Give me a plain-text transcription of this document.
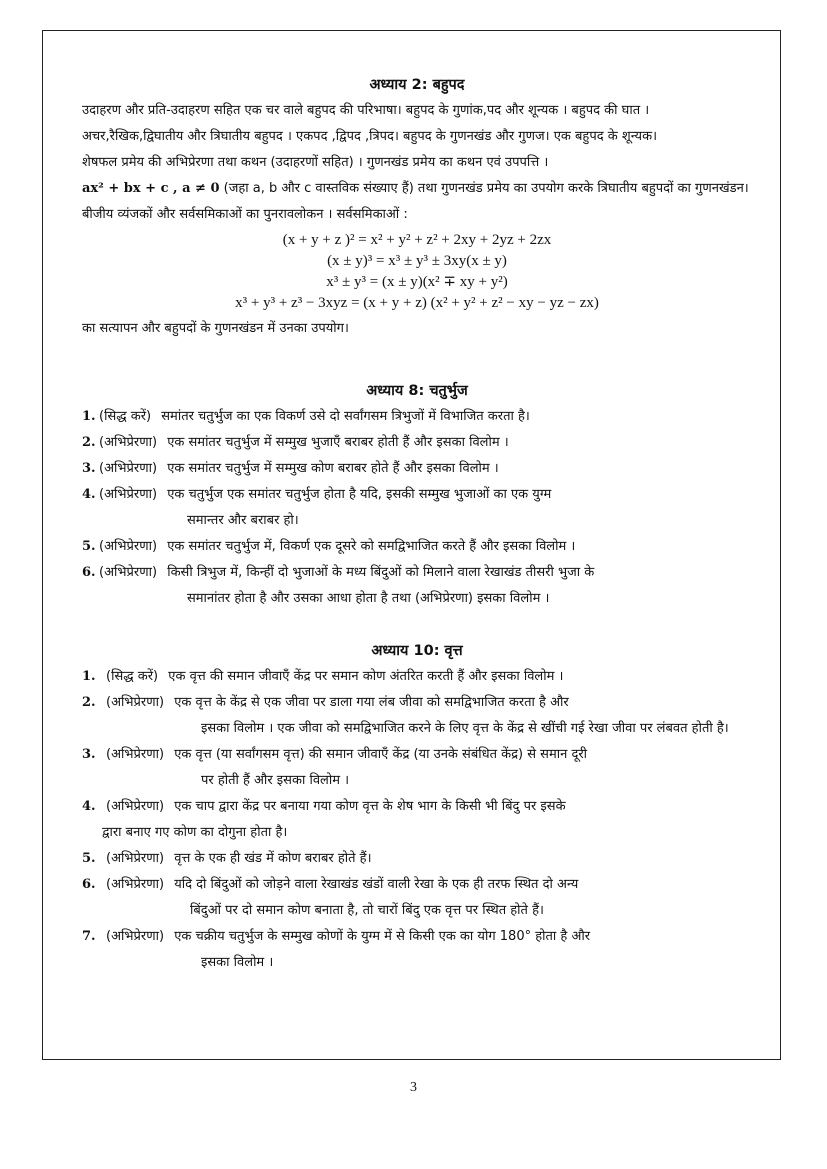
अध्याय 2: बहुपद

उदाहरण और प्रति-उदाहरण सहित एक चर वाले बहुपद की परिभाषा। बहुपद के गुणांक,पद और शून्यक । बहुपद की घात । अचर,रैखिक,द्विघातीय और त्रिघातीय बहुपद । एकपद ,द्विपद ,त्रिपद। बहुपद के गुणनखंड और गुणज। एक बहुपद के शून्यक।

शेषफल प्रमेय की अभिप्रेरणा तथा कथन (उदाहरणों सहित) । गुणनखंड प्रमेय का कथन एवं उपपत्ति ।

ax² + bx + c , a ≠ 0 (जहा a, b और c वास्तविक संख्याए हैं) तथा गुणनखंड प्रमेय का उपयोग करके त्रिघातीय बहुपदों का गुणनखंडन।

बीजीय व्यंजकों और सर्वसमिकाओं का पुनरावलोकन । सर्वसमिकाओं :

(x + y + z )² = x² + y² + z² + 2xy + 2yz + 2zx
(x ± y)³ = x³ ± y³ ± 3xy(x ± y)
x³ ± y³ = (x ± y)(x² ∓ xy + y²)
x³ + y³ + z³ − 3xyz = (x + y + z) (x² + y² + z² − xy − yz − zx)

का सत्यापन और बहुपदों के गुणनखंडन में उनका उपयोग।

अध्याय 8: चतुर्भुज
1. (सिद्ध करें) समांतर चतुर्भुज का एक विकर्ण उसे दो सर्वांगसम त्रिभुजों में विभाजित करता है।
2. (अभिप्रेरणा) एक समांतर चतुर्भुज में सम्मुख भुजाएँ बराबर होती हैं और इसका विलोम ।
3. (अभिप्रेरणा) एक समांतर चतुर्भुज में सम्मुख कोण बराबर होते हैं और इसका विलोम ।
4. (अभिप्रेरणा) एक चतुर्भुज एक समांतर चतुर्भुज होता है यदि, इसकी सम्मुख भुजाओं का एक युग्म
समान्तर और बराबर हो।
5. (अभिप्रेरणा) एक समांतर चतुर्भुज में, विकर्ण एक दूसरे को समद्विभाजित करते हैं और इसका विलोम ।
6. (अभिप्रेरणा) किसी त्रिभुज में, किन्हीं दो भुजाओं के मध्य बिंदुओं को मिलाने वाला रेखाखंड तीसरी भुजा के
समानांतर होता है और उसका आधा होता है तथा (अभिप्रेरणा) इसका विलोम ।
अध्याय 10: वृत्त
1. (सिद्ध करें) एक वृत्त की समान जीवाएँ केंद्र पर समान कोण अंतरित करती हैं और इसका विलोम ।
2. (अभिप्रेरणा) एक वृत्त के केंद्र से एक जीवा पर डाला गया लंब जीवा को समद्विभाजित करता है और
इसका विलोम । एक जीवा को समद्विभाजित करने के लिए वृत्त के केंद्र से खींची गई रेखा जीवा पर लंबवत होती है।
3. (अभिप्रेरणा) एक वृत्त (या सर्वांगसम वृत्त) की समान जीवाएँ केंद्र (या उनके संबंधित केंद्र) से समान दूरी
पर होती हैं और इसका विलोम ।
4. (अभिप्रेरणा) एक चाप द्वारा केंद्र पर बनाया गया कोण वृत्त के शेष भाग के किसी भी बिंदु पर इसके
द्वारा बनाए गए कोण का दोगुना होता है।
5. (अभिप्रेरणा) वृत्त के एक ही खंड में कोण बराबर होते हैं।
6. (अभिप्रेरणा) यदि दो बिंदुओं को जोड़ने वाला रेखाखंड खंडों वाली रेखा के एक ही तरफ स्थित दो अन्य
बिंदुओं पर दो समान कोण बनाता है, तो चारों बिंदु एक वृत्त पर स्थित होते हैं।
7. (अभिप्रेरणा) एक चक्रीय चतुर्भुज के सम्मुख कोणों के युग्म में से किसी एक का योग 180° होता है और
इसका विलोम ।
3
